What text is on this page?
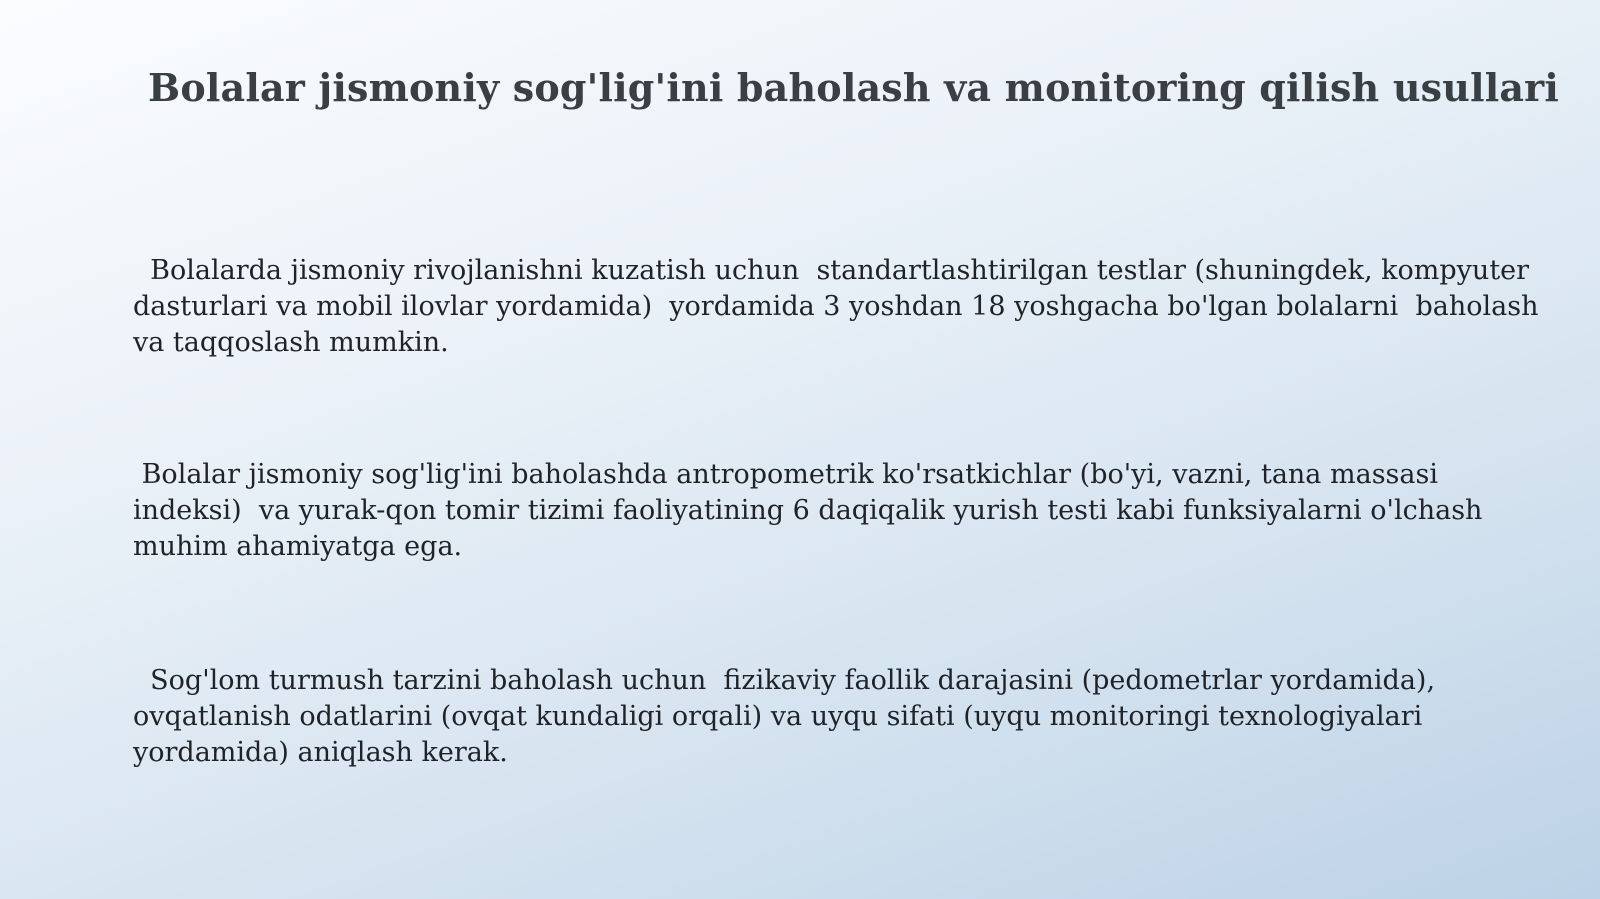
Bolalar jismoniy sog'lig'ini baholash va monitoring qilish usullari

Bolalarda jismoniy rivojlanishni kuzatish uchun  standartlashtirilgan testlar (shuningdek, kompyuter dasturlari va mobil ilovlar yordamida)  yordamida 3 yoshdan 18 yoshgacha bo'lgan bolalarni  baholash va taqqoslash mumkin.

Bolalar jismoniy sog'lig'ini baholashda antropometrik ko'rsatkichlar (bo'yi, vazni, tana massasi indeksi)  va yurak-qon tomir tizimi faoliyatining 6 daqiqalik yurish testi kabi funksiyalarni o'lchash muhim ahamiyatga ega.

Sog'lom turmush tarzini baholash uchun  fizikaviy faollik darajasini (pedometrlar yordamida), ovqatlanish odatlarini (ovqat kundaligi orqali) va uyqu sifati (uyqu monitoringi texnologiyalari yordamida) aniqlash kerak.
